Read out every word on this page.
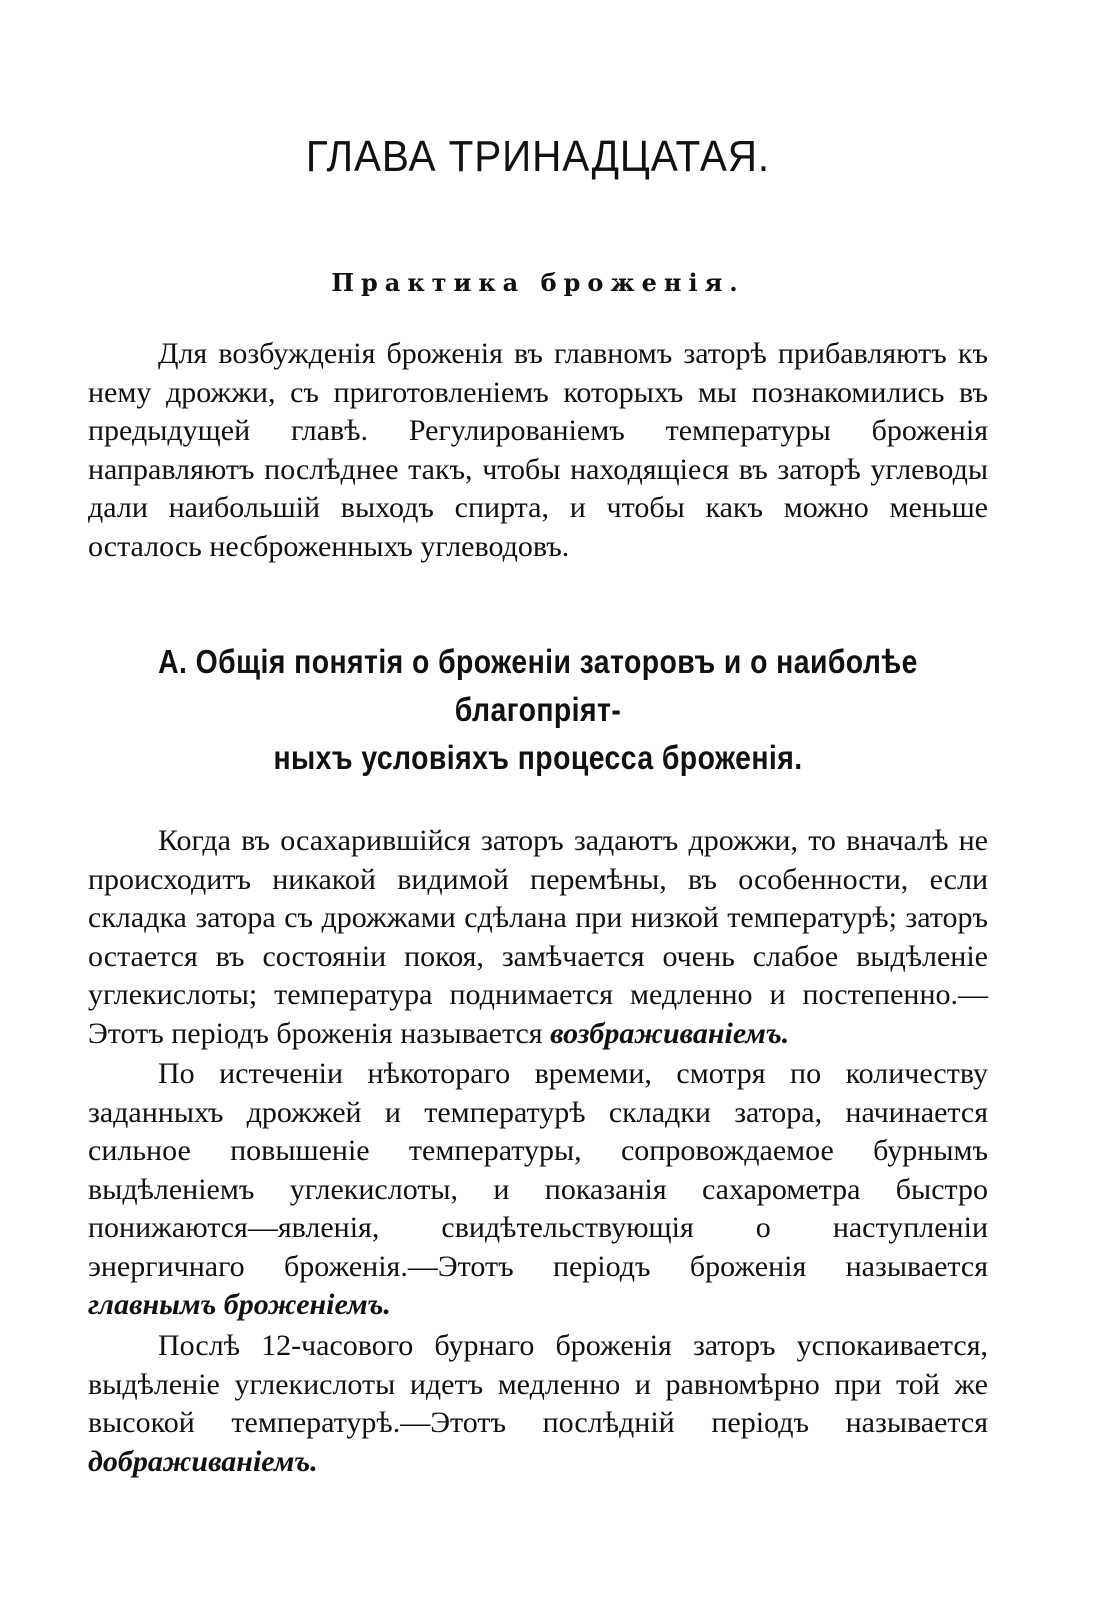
ГЛАВА ТРИНАДЦАТАЯ.
Практика броженія.

Для возбужденія броженія въ главномъ заторѣ прибавляютъ къ нему дрожжи, съ приготовленіемъ которыхъ мы познакомились въ предыдущей главѣ. Регулированіемъ температуры броженія направляютъ послѣднее такъ, чтобы находящіеся въ заторѣ углеводы дали наибольшій выходъ спирта, и чтобы какъ можно меньше осталось несброженныхъ углеводовъ.

А. Общія понятія о броженіи заторовъ и о наиболѣе благопріят-
ныхъ условіяхъ процесса броженія.

Когда въ осахарившійся заторъ задаютъ дрожжи, то вначалѣ не происходитъ никакой видимой перемѣны, въ особенности, если складка затора съ дрожжами сдѣлана при низкой температурѣ; заторъ остается въ состояніи покоя, замѣчается очень слабое выдѣленіе углекислоты; температура поднимается медленно и постепенно.—Этотъ періодъ броженія называется возбраживаніемъ.

По истеченіи нѣкотораго времеми, смотря по количеству заданныхъ дрожжей и температурѣ складки затора, начинается сильное повышеніе температуры, сопровождаемое бурнымъ выдѣленіемъ углекислоты, и показанія сахарометра быстро понижаются—явленія, свидѣтельствующія о наступленіи энергичнаго броженія.—Этотъ періодъ броженія называется главнымъ броженіемъ.

Послѣ 12-часового бурнаго броженія заторъ успокаивается, выдѣленіе углекислоты идетъ медленно и равномѣрно при той же высокой температурѣ.—Этотъ послѣдній періодъ называется дображиваніемъ.
